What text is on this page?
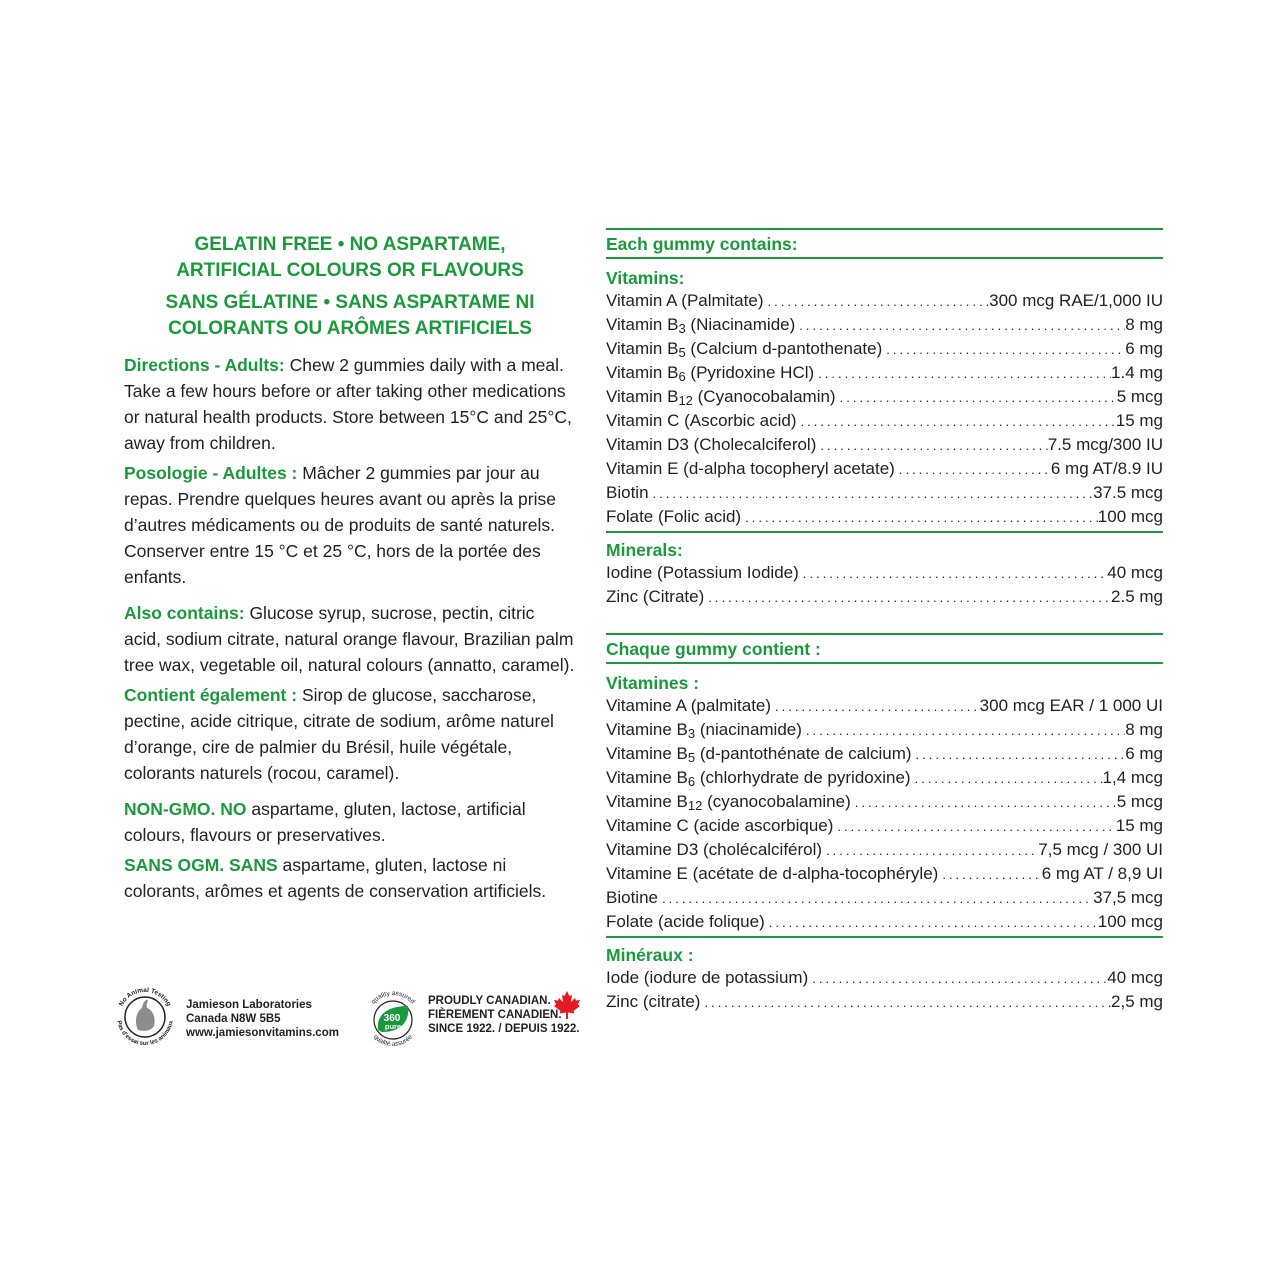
GELATIN FREE • NO ASPARTAME,
ARTIFICIAL COLOURS OR FLAVOURS

SANS GÉLATINE • SANS ASPARTAME NI
COLORANTS OU ARÔMES ARTIFICIELS

Directions - Adults: Chew 2 gummies daily with a meal. Take a few hours before or after taking other medications or natural health products. Store between 15°C and 25°C, away from children.

Posologie - Adultes : Mâcher 2 gummies par jour au repas. Prendre quelques heures avant ou après la prise d’autres médicaments ou de produits de santé naturels. Conserver entre 15 °C et 25 °C, hors de la portée des enfants.

Also contains: Glucose syrup, sucrose, pectin, citric acid, sodium citrate, natural orange flavour, Brazilian palm tree wax, vegetable oil, natural colours (annatto, caramel).

Contient également : Sirop de glucose, saccharose, pectine, acide citrique, citrate de sodium, arôme naturel d’orange, cire de palmier du Brésil, huile végétale, colorants naturels (rocou, caramel).

NON-GMO. NO aspartame, gluten, lactose, artificial colours, flavours or preservatives.

SANS OGM. SANS aspartame, gluten, lactose ni colorants, arômes et agents de conservation artificiels.

No Animal Testing
Pas d’essai sur les animaux
Jamieson Laboratories
Canada N8W 5B5
www.jamiesonvitamins.com
360
pure
quality assured
qualité assurée
PROUDLY CANADIAN.
FIÈREMENT CANADIEN.
SINCE 1922. / DEPUIS 1922.
Each gummy contains:
Vitamins:
Vitamin A (Palmitate) .....	300 mcg RAE/1,000 IU
Vitamin $B_3$ (Niacinamide) .....	8 mg
Vitamin $B_5$ (Calcium d-pantothenate) .....	6 mg
Vitamin $B_6$ (Pyridoxine HCl) .....	1.4 mg
Vitamin $B_{12}$ (Cyanocobalamin) .....	5 mcg
Vitamin C (Ascorbic acid) .....	15 mg
Vitamin D3 (Cholecalciferol) .....	7.5 mcg/300 IU
Vitamin E (d-alpha tocopheryl acetate) .....	6 mg AT/8.9 IU
Biotin .....	37.5 mcg
Folate (Folic acid) .....	100 mcg
Minerals:
Iodine (Potassium Iodide) .....	40 mcg
Zinc (Citrate) .....	2.5 mg
Chaque gummy contient :
Vitamines :
Vitamine A (palmitate) .....	300 mcg EAR / 1 000 UI
Vitamine $B_3$ (niacinamide) .....	8 mg
Vitamine $B_5$ (d-pantothénate de calcium) .....	6 mg
Vitamine $B_6$ (chlorhydrate de pyridoxine) .....	1,4 mcg
Vitamine $B_{12}$ (cyanocobalamine) .....	5 mcg
Vitamine C (acide ascorbique) .....	15 mg
Vitamine D3 (cholécalciférol) .....	7,5 mcg / 300 UI
Vitamine E (acétate de d-alpha-tocophéryle) .....	6 mg AT / 8,9 UI
Biotine .....	37,5 mcg
Folate (acide folique) .....	100 mcg
Minéraux :
Iode (iodure de potassium) .....	40 mcg
Zinc (citrate) .....	2,5 mg
